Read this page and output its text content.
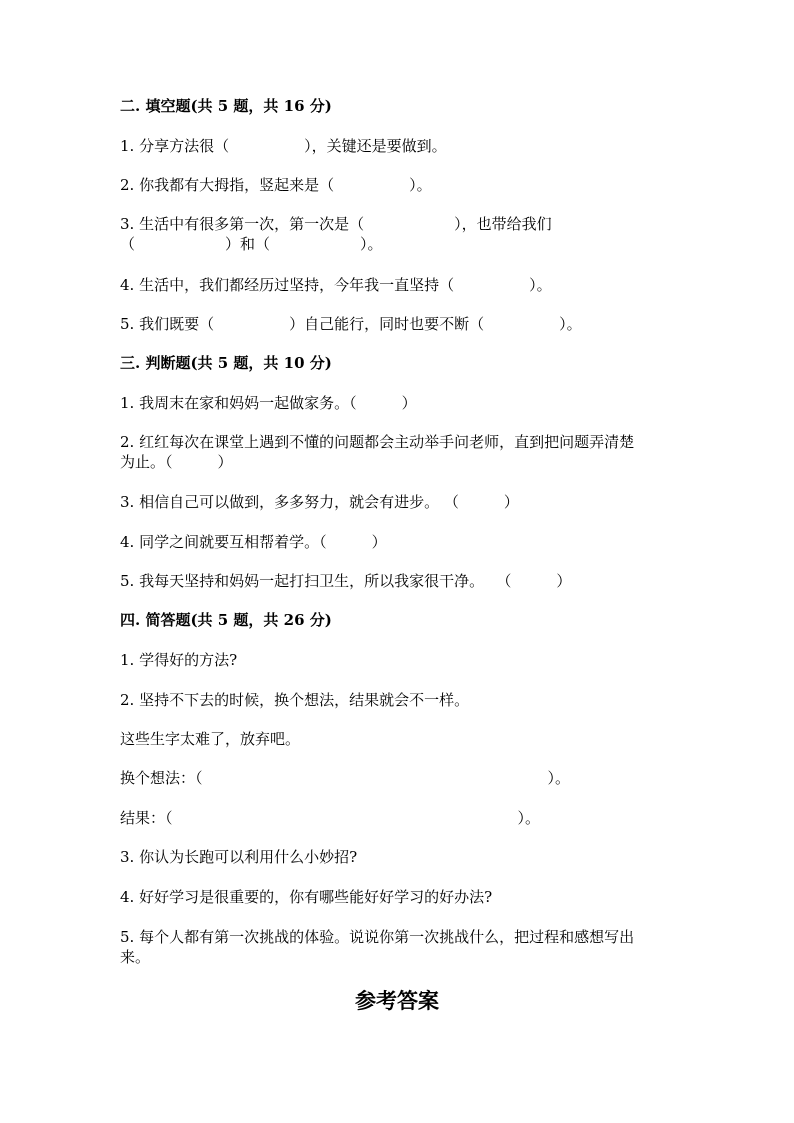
二. 填空题(共 5 题，共 16 分)
1. 分享方法很（　　　　　），关键还是要做到。
2. 你我都有大拇指，竖起来是（　　　　　）。
3. 生活中有很多第一次，第一次是（　　　　　　），也带给我们
（　　　　　　）和（　　　　　　）。
4. 生活中，我们都经历过坚持，今年我一直坚持（　　　　　）。
5. 我们既要（　　　　　）自己能行，同时也要不断（　　　　　）。
三. 判断题(共 5 题，共 10 分)
1. 我周末在家和妈妈一起做家务。（　　　）
2. 红红每次在课堂上遇到不懂的问题都会主动举手问老师，直到把问题弄清楚
为止。（　　　）
3. 相信自己可以做到，多多努力，就会有进步。 （　　　）
4. 同学之间就要互相帮着学。（　　　）
5. 我每天坚持和妈妈一起打扫卫生，所以我家很干净。 　（　　　）
四. 简答题(共 5 题，共 26 分)
1. 学得好的方法?
2. 坚持不下去的时候，换个想法，结果就会不一样。
这些生字太难了，放弃吧。
换个想法：（　　　　　　　　　　　　　　　　　　　　　　　）。
结果：（　　　　　　　　　　　　　　　　　　　　　　　）。
3. 你认为长跑可以利用什么小妙招?
4. 好好学习是很重要的，你有哪些能好好学习的好办法?
5. 每个人都有第一次挑战的体验。说说你第一次挑战什么，把过程和感想写出
来。
参考答案
